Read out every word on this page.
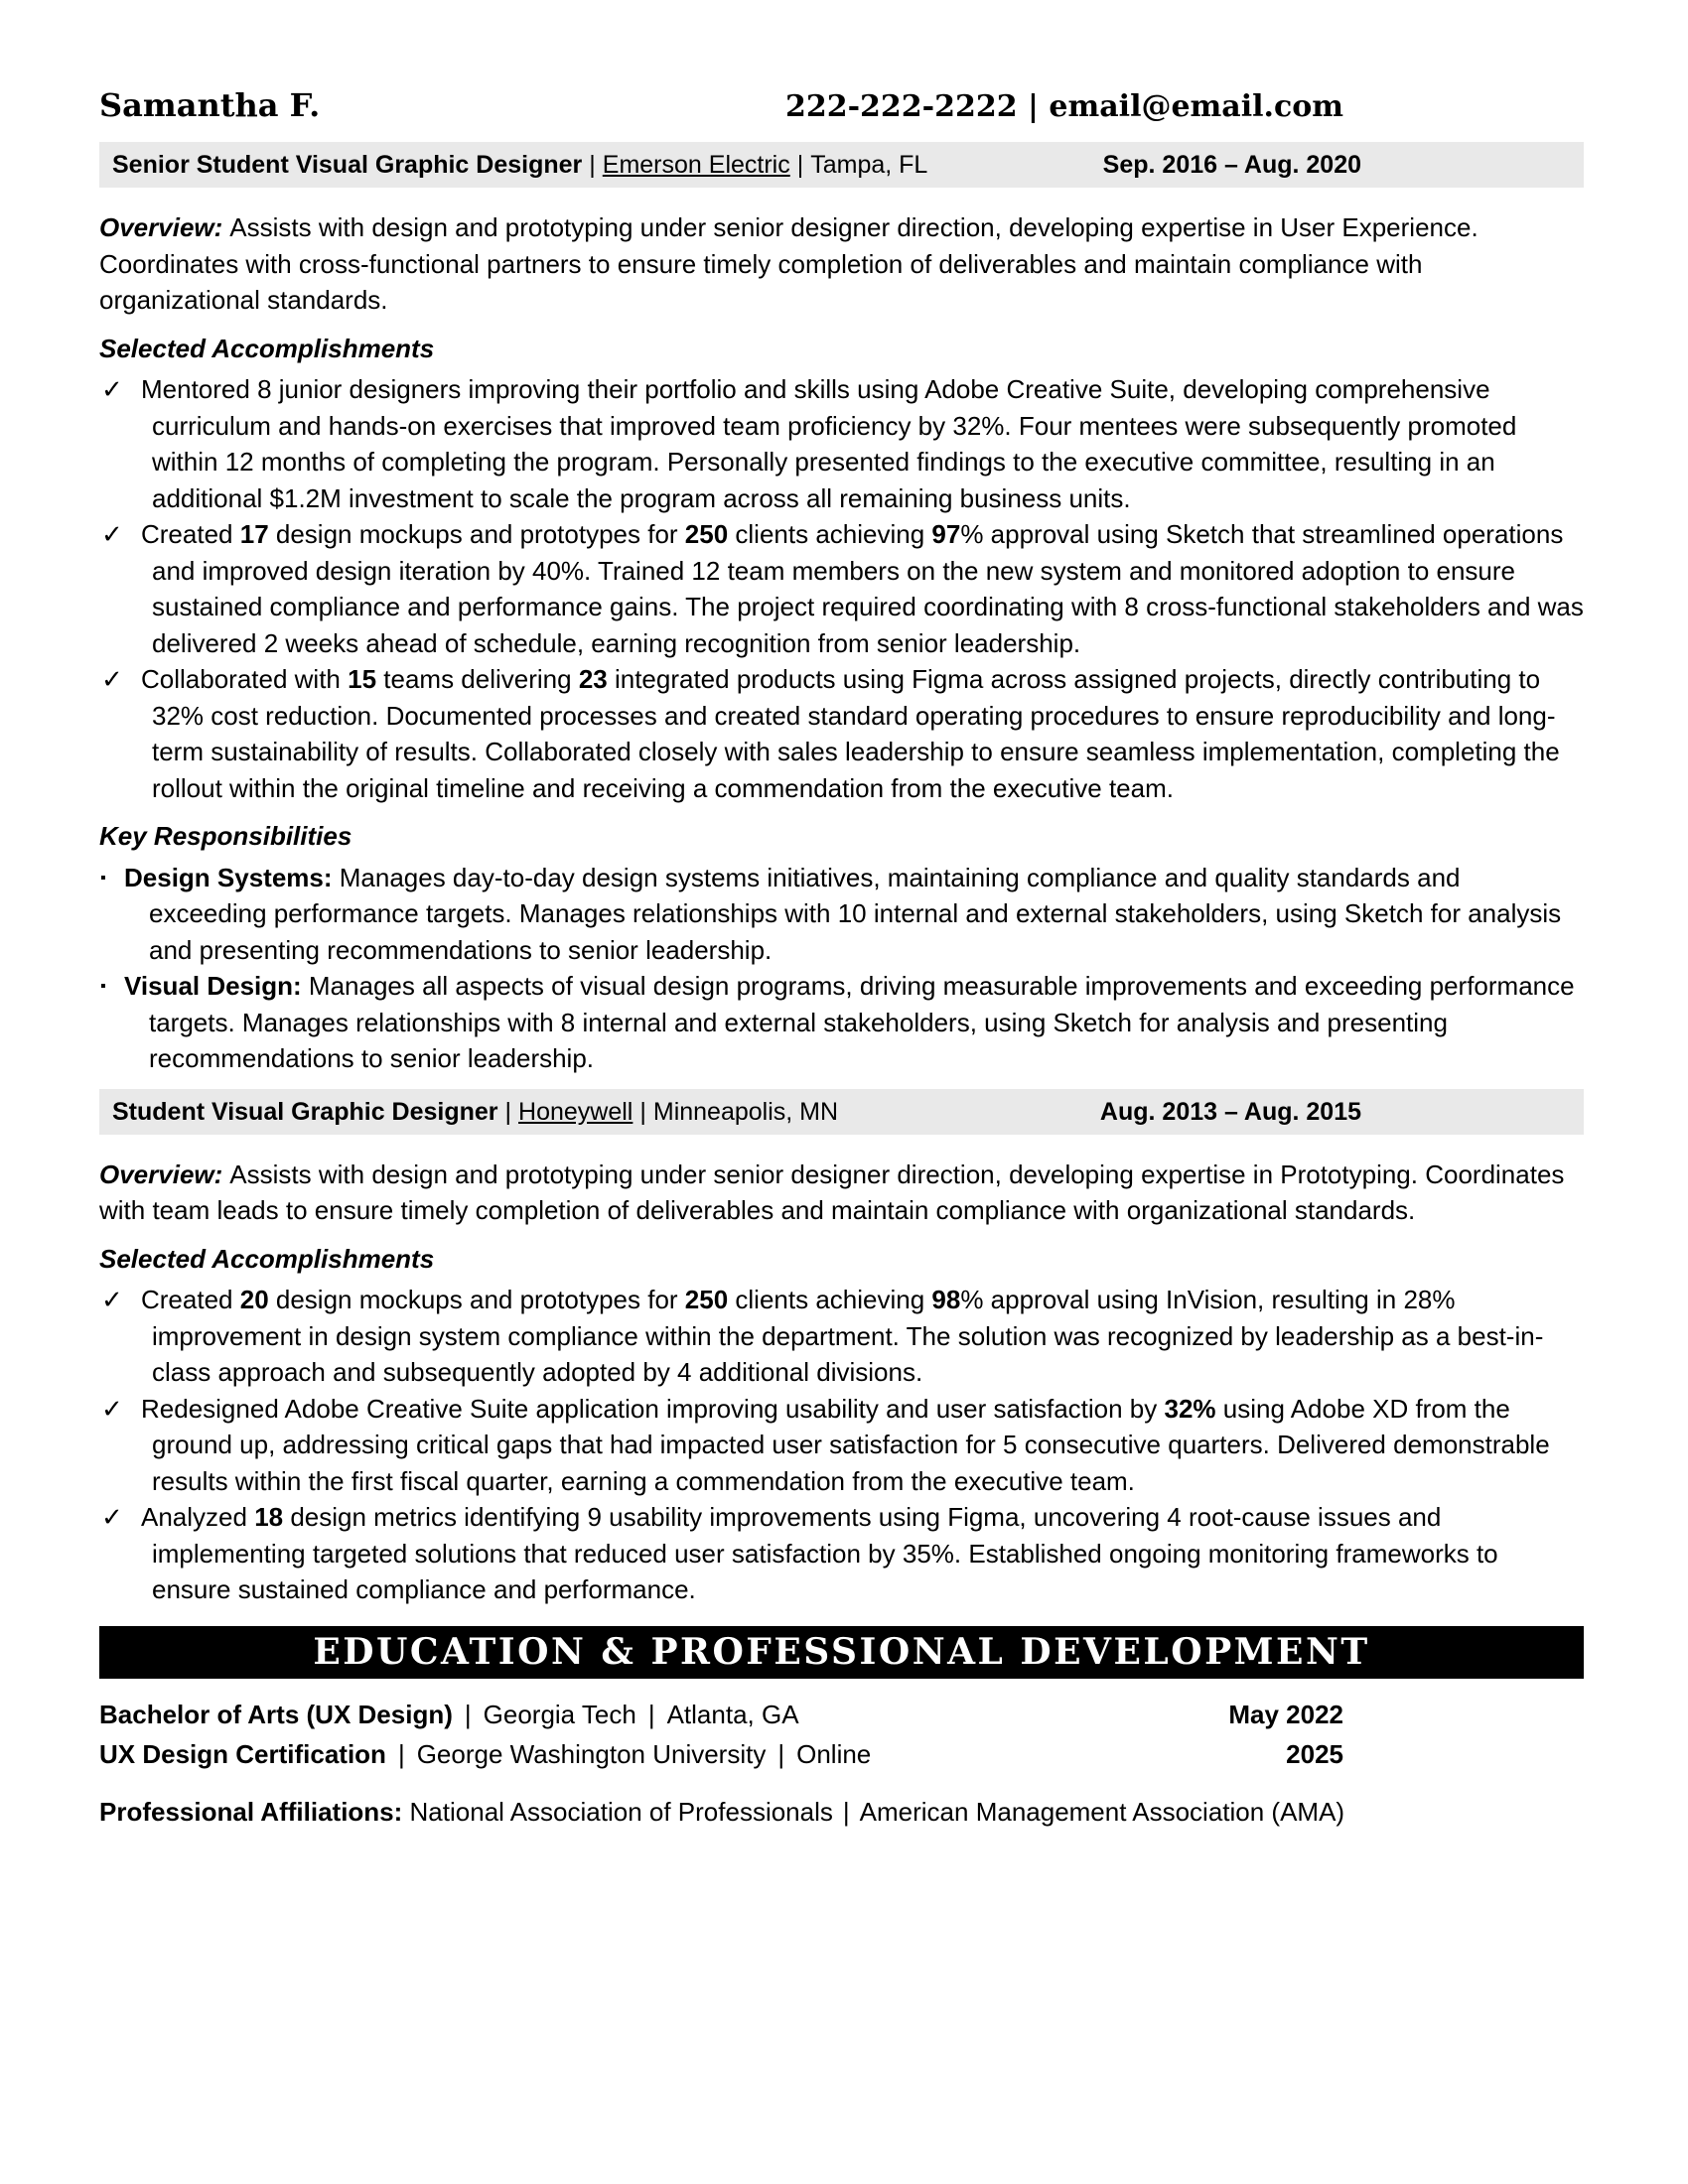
Samantha F.	222-222-2222 | email@email.com
Senior Student Visual Graphic Designer | Emerson Electric | Tampa, FL	Sep. 2016 – Aug. 2020

Overview: Assists with design and prototyping under senior designer direction, developing expertise in User Experience. Coordinates with cross-functional partners to ensure timely completion of deliverables and maintain compliance with organizational standards.

Selected Accomplishments
✓ Mentored 8 junior designers improving their portfolio and skills using Adobe Creative Suite, developing comprehensive curriculum and hands-on exercises that improved team proficiency by 32%. Four mentees were subsequently promoted within 12 months of completing the program. Personally presented findings to the executive committee, resulting in an additional $1.2M investment to scale the program across all remaining business units.
✓ Created 17 design mockups and prototypes for 250 clients achieving 97% approval using Sketch that streamlined operations and improved design iteration by 40%. Trained 12 team members on the new system and monitored adoption to ensure sustained compliance and performance gains. The project required coordinating with 8 cross-functional stakeholders and was delivered 2 weeks ahead of schedule, earning recognition from senior leadership.
✓ Collaborated with 15 teams delivering 23 integrated products using Figma across assigned projects, directly contributing to 32% cost reduction. Documented processes and created standard operating procedures to ensure reproducibility and long-term sustainability of results. Collaborated closely with sales leadership to ensure seamless implementation, completing the rollout within the original timeline and receiving a commendation from the executive team.
Key Responsibilities
▪ Design Systems: Manages day-to-day design systems initiatives, maintaining compliance and quality standards and exceeding performance targets. Manages relationships with 10 internal and external stakeholders, using Sketch for analysis and presenting recommendations to senior leadership.
▪ Visual Design: Manages all aspects of visual design programs, driving measurable improvements and exceeding performance targets. Manages relationships with 8 internal and external stakeholders, using Sketch for analysis and presenting recommendations to senior leadership.
Student Visual Graphic Designer | Honeywell | Minneapolis, MN	Aug. 2013 – Aug. 2015

Overview: Assists with design and prototyping under senior designer direction, developing expertise in Prototyping. Coordinates with team leads to ensure timely completion of deliverables and maintain compliance with organizational standards.

Selected Accomplishments
✓ Created 20 design mockups and prototypes for 250 clients achieving 98% approval using InVision, resulting in 28% improvement in design system compliance within the department. The solution was recognized by leadership as a best-in-class approach and subsequently adopted by 4 additional divisions.
✓ Redesigned Adobe Creative Suite application improving usability and user satisfaction by 32% using Adobe XD from the ground up, addressing critical gaps that had impacted user satisfaction for 5 consecutive quarters. Delivered demonstrable results within the first fiscal quarter, earning a commendation from the executive team.
✓ Analyzed 18 design metrics identifying 9 usability improvements using Figma, uncovering 4 root-cause issues and implementing targeted solutions that reduced user satisfaction by 35%. Established ongoing monitoring frameworks to ensure sustained compliance and performance.
EDUCATION & PROFESSIONAL DEVELOPMENT
Bachelor of Arts (UX Design) | Georgia Tech | Atlanta, GA	May 2022
UX Design Certification | George Washington University | Online	2025

Professional Affiliations: National Association of Professionals | American Management Association (AMA)
